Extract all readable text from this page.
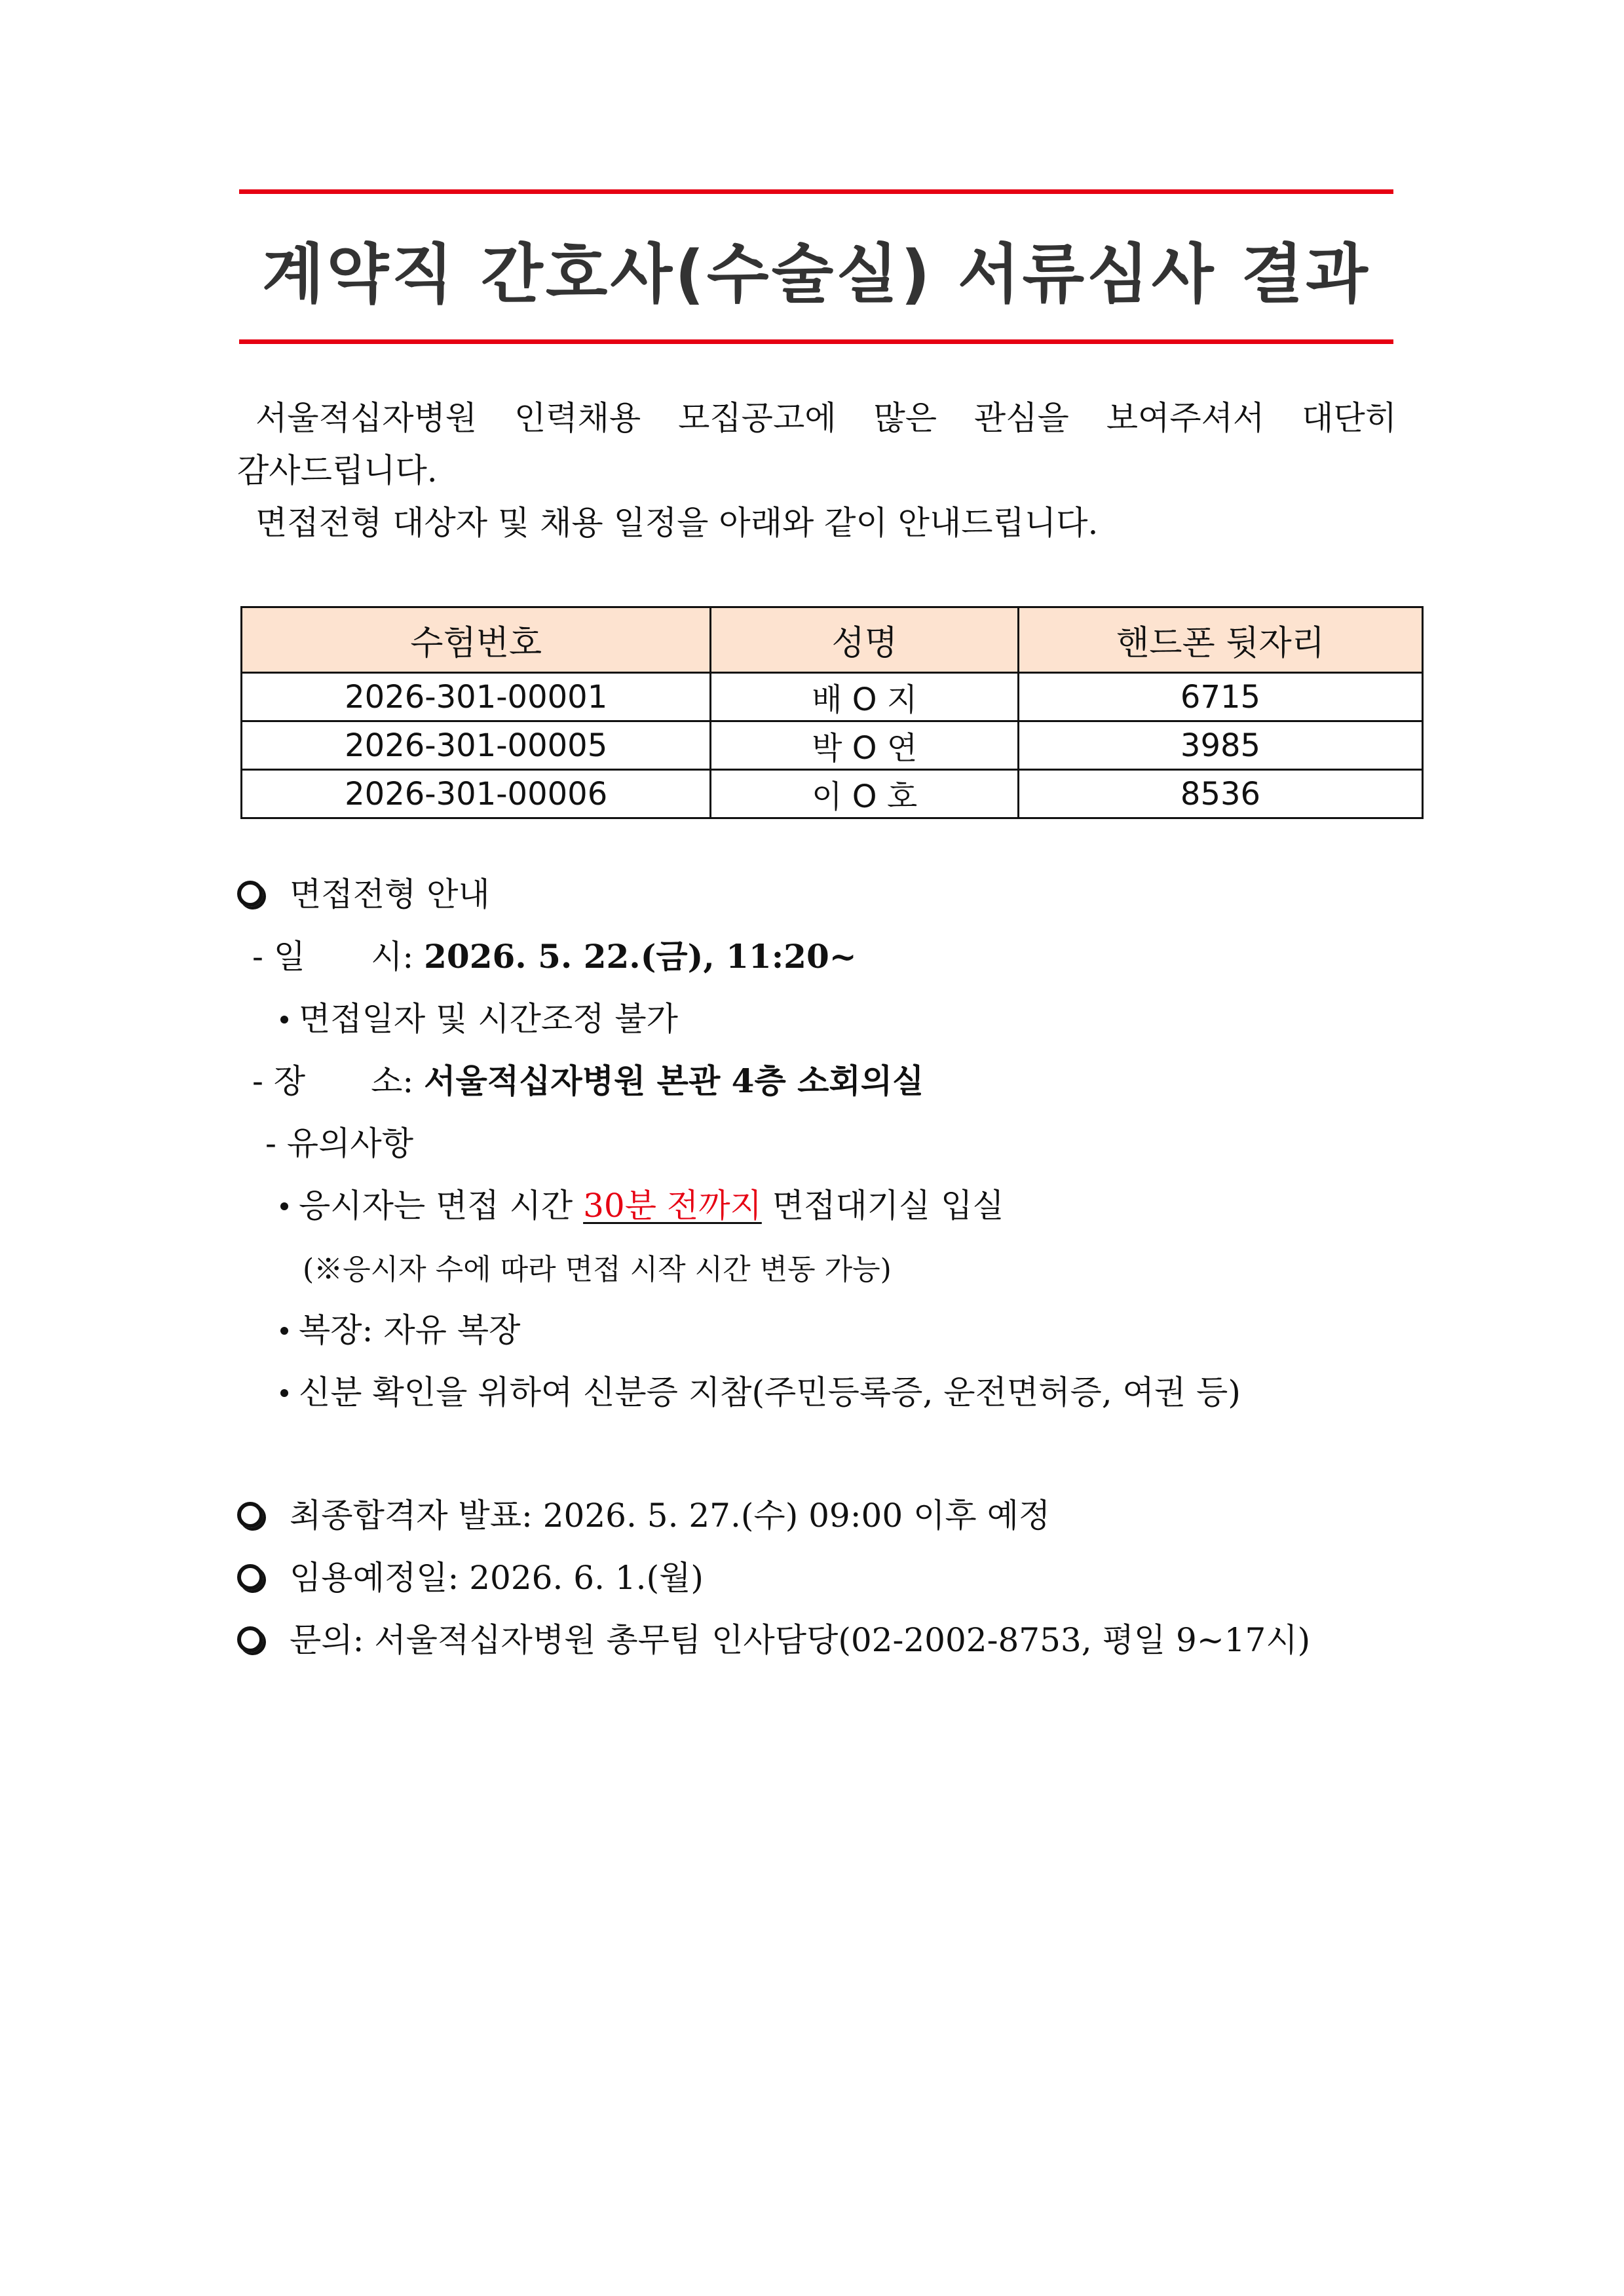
계약직 간호사(수술실) 서류심사 결과

서울적십자병원 인력채용 모집공고에 많은 관심을 보여주셔서 대단히

감사드립니다.

면접전형 대상자 및 채용 일정을 아래와 같이 안내드립니다.

수험번호	성명	핸드폰 뒷자리
2026-301-00001	배 O 지	6715
2026-301-00005	박 O 연	3985
2026-301-00006	이 O 호	8536
면접전형 안내
- 일　　시: 2026. 5. 22.(금), 11:20~
면접일자 및 시간조정 불가
- 장　　소: 서울적십자병원 본관 4층 소회의실
- 유의사항
응시자는 면접 시간 30분 전까지 면접대기실 입실
(※응시자 수에 따라 면접 시작 시간 변동 가능)
복장: 자유 복장
신분 확인을 위하여 신분증 지참(주민등록증, 운전면허증, 여권 등)
최종합격자 발표: 2026. 5. 27.(수) 09:00 이후 예정
임용예정일: 2026. 6. 1.(월)
문의: 서울적십자병원 총무팀 인사담당(02-2002-8753, 평일 9~17시)
